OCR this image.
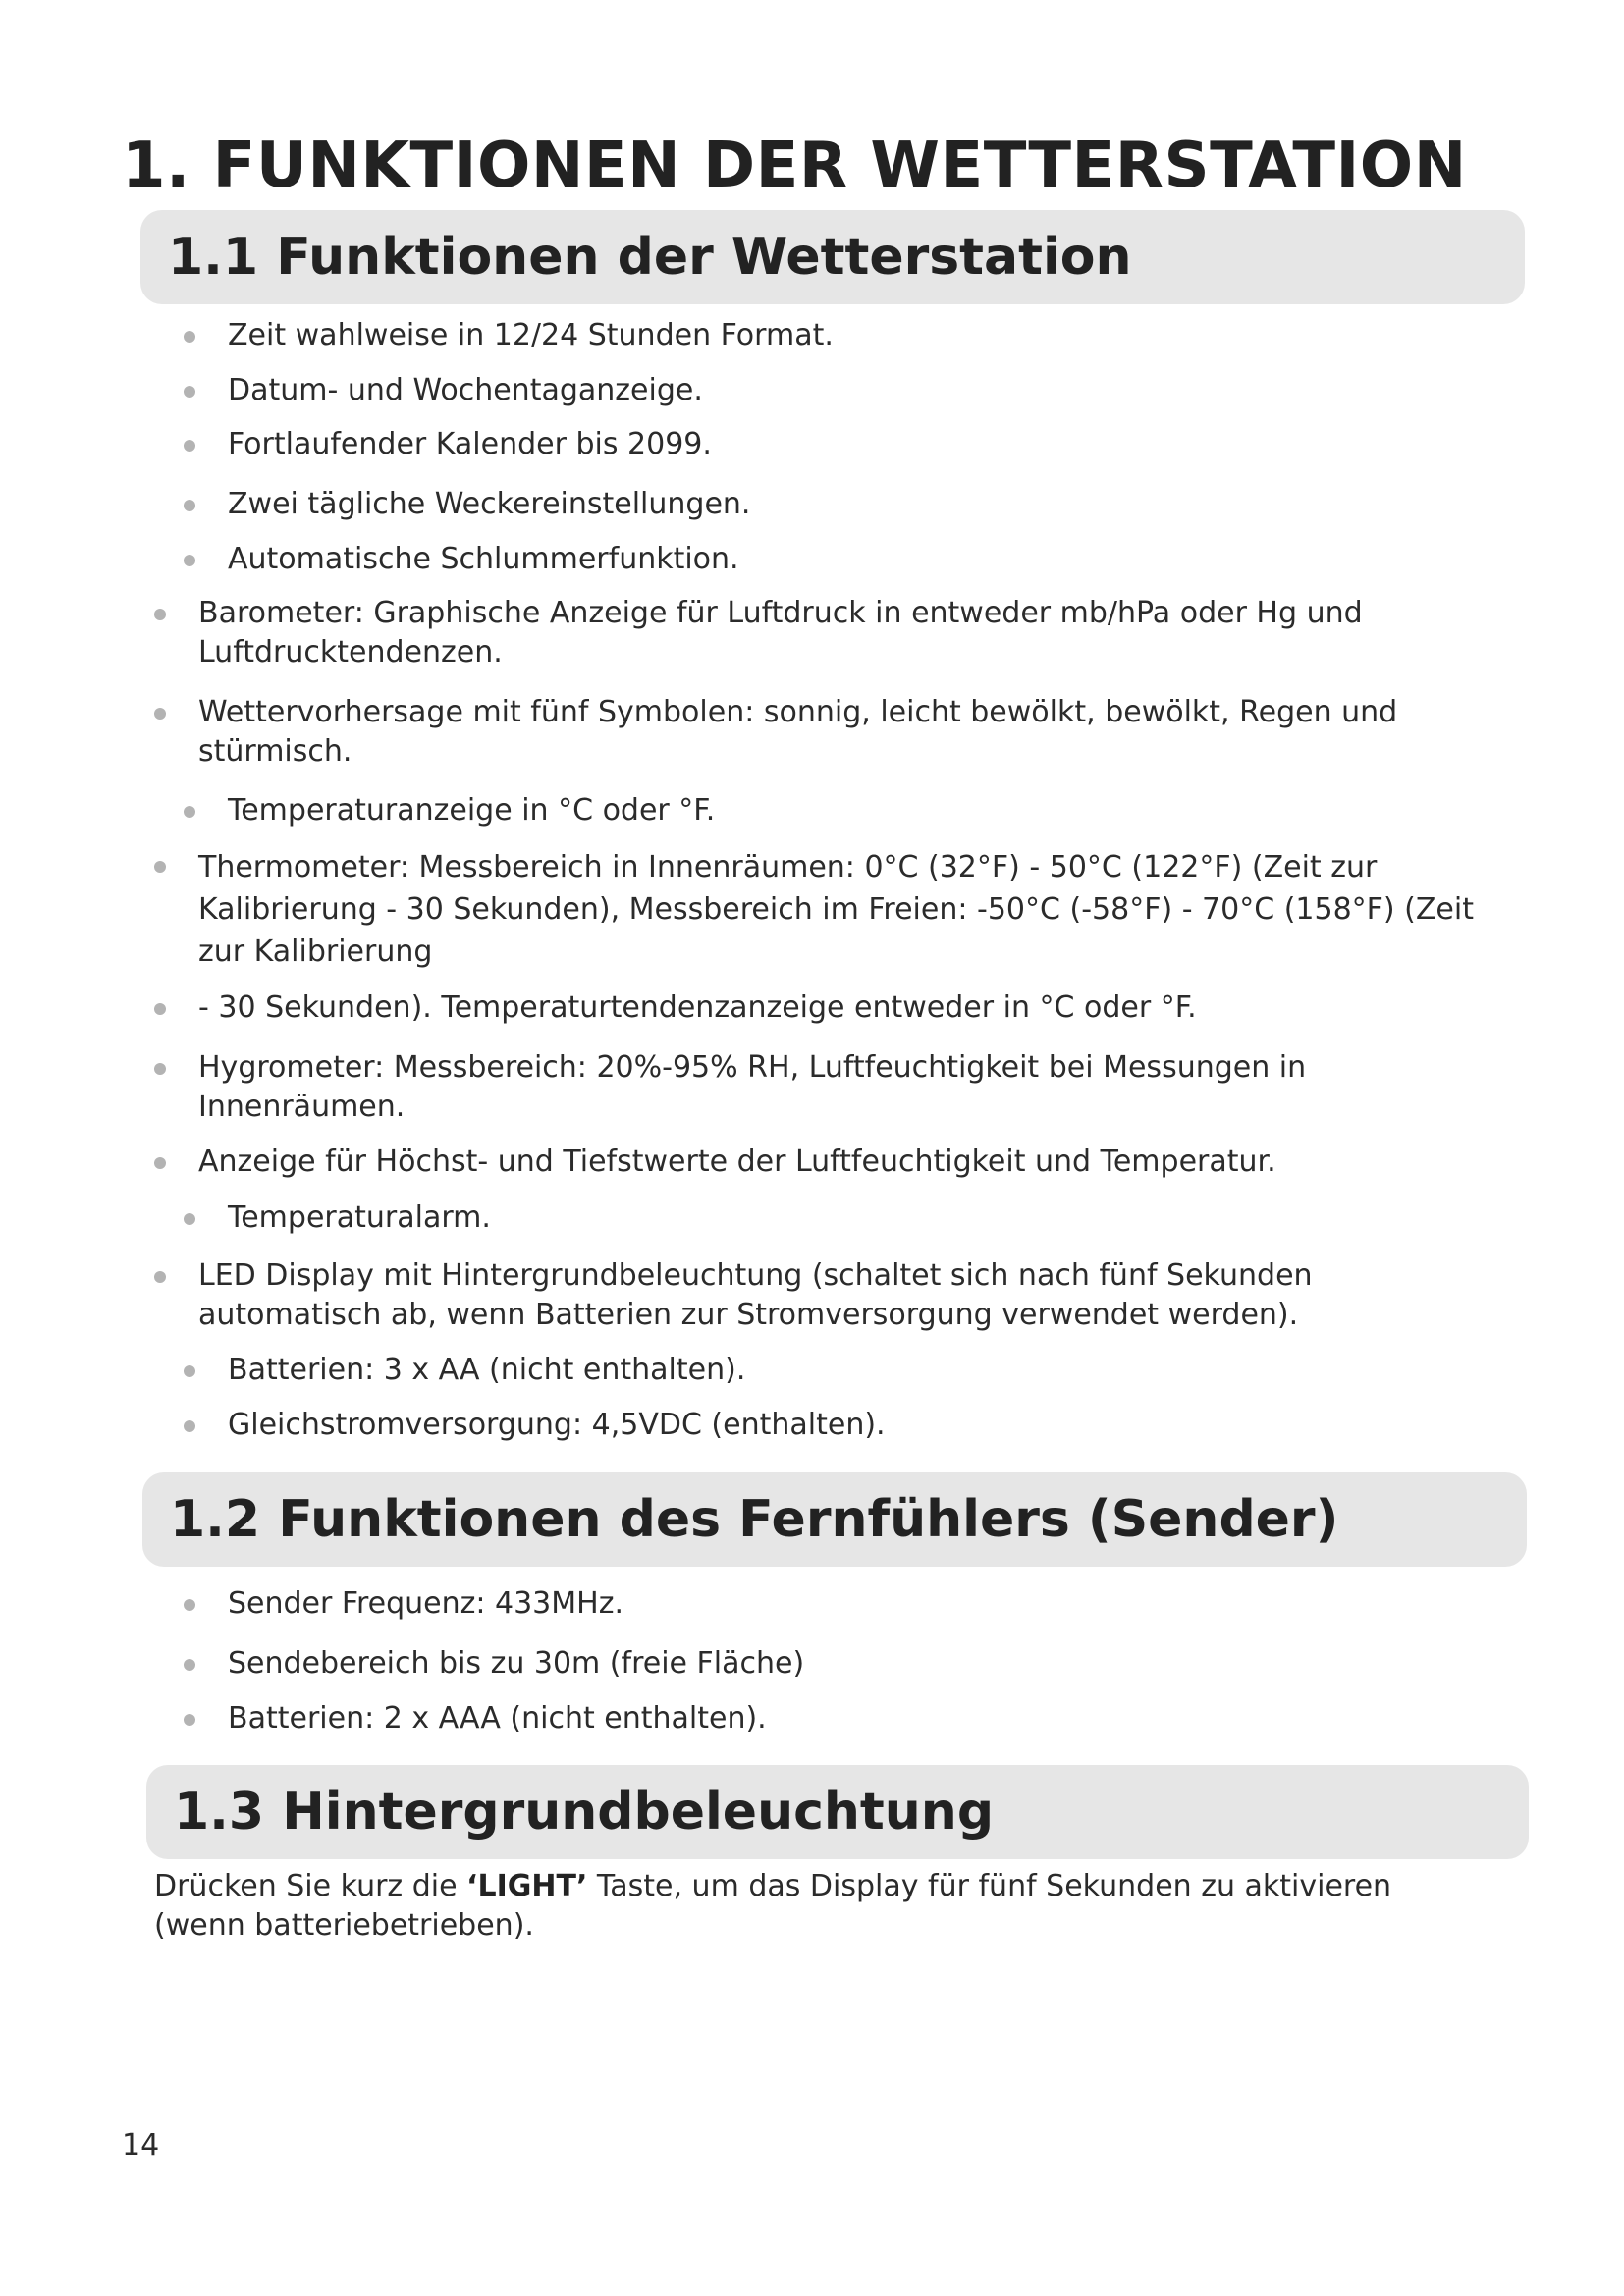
1. FUNKTIONEN DER WETTERSTATION
1.1 Funktionen der Wetterstation
Zeit wahlweise in 12/24 Stunden Format.
Datum- und Wochentaganzeige.
Fortlaufender Kalender bis 2099.
Zwei tägliche Weckereinstellungen.
Automatische Schlummerfunktion.
Barometer: Graphische Anzeige für Luftdruck in entweder mb/hPa oder Hg und Luftdrucktendenzen.
Wettervorhersage mit fünf Symbolen: sonnig, leicht bewölkt, bewölkt, Regen und stürmisch.
Temperaturanzeige in °C oder °F.
Thermometer: Messbereich in Innenräumen: 0°C (32°F) - 50°C (122°F) (Zeit zur Kalibrierung - 30 Sekunden), Messbereich im Freien: -50°C (-58°F) - 70°C (158°F) (Zeit zur Kalibrierung
- 30 Sekunden). Temperaturtendenzanzeige entweder in °C oder °F.
Hygrometer: Messbereich: 20%-95% RH, Luftfeuchtigkeit bei Messungen in Innenräumen.
Anzeige für Höchst- und Tiefstwerte der Luftfeuchtigkeit und Temperatur.
Temperaturalarm.
LED Display mit Hintergrundbeleuchtung (schaltet sich nach fünf Sekunden automatisch ab, wenn Batterien zur Stromversorgung verwendet werden).
Batterien: 3 x AA (nicht enthalten).
Gleichstromversorgung: 4,5VDC (enthalten).
1.2 Funktionen des Fernfühlers (Sender)
Sender Frequenz: 433MHz.
Sendebereich bis zu 30m (freie Fläche)
Batterien: 2 x AAA (nicht enthalten).
1.3 Hintergrundbeleuchtung

Drücken Sie kurz die ‘LIGHT’ Taste, um das Display für fünf Sekunden zu aktivieren (wenn batteriebetrieben).

14
